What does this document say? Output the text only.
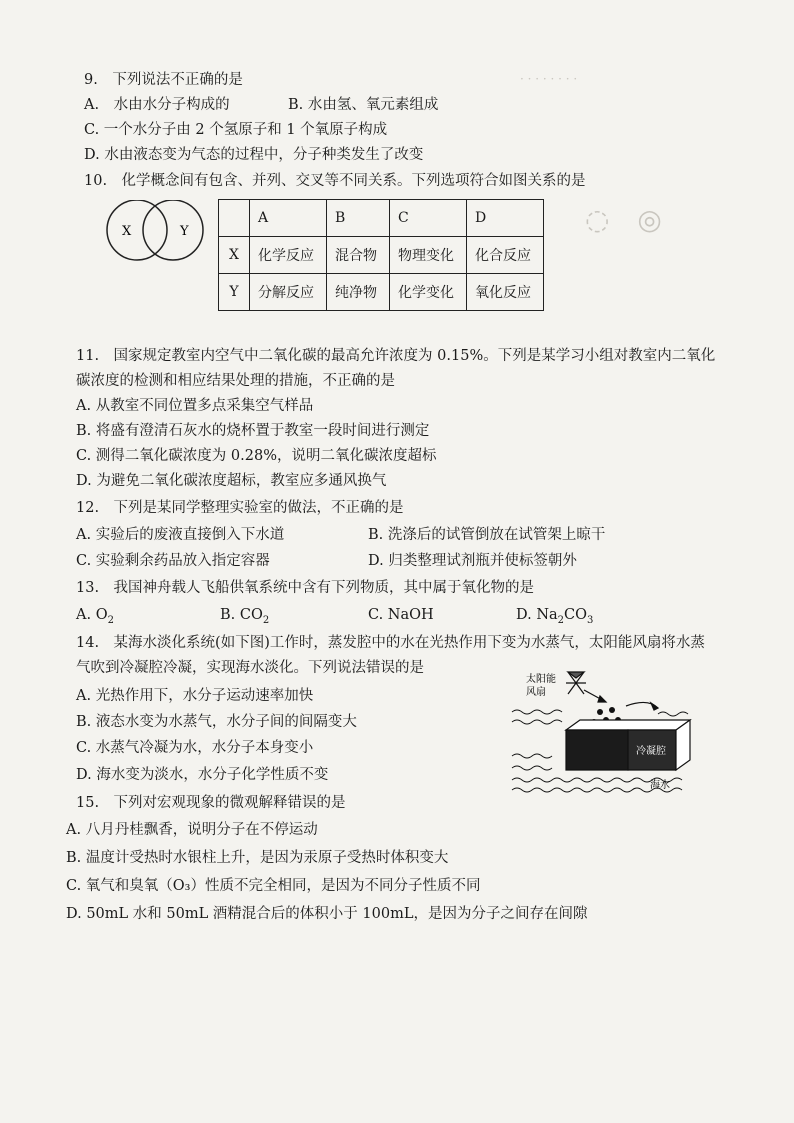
· · · · · · · ·
◌　◎
9.　下列说法不正确的是
A.　水由水分子构成的	B. 水由氢、氧元素组成
C. 一个水分子由 2 个氢原子和 1 个氧原子构成
D. 水由液态变为气态的过程中，分子种类发生了改变
10.　化学概念间有包含、并列、交叉等不同关系。下列选项符合如图关系的是
X	Y
	A	B	C	D
X	化学反应	混合物	物理变化	化合反应
Y	分解反应	纯净物	化学变化	氧化反应
11.　国家规定教室内空气中二氧化碳的最高允许浓度为 0.15%。下列是某学习小组对教室内二氧化
碳浓度的检测和相应结果处理的措施，不正确的是
A. 从教室不同位置多点采集空气样品
B. 将盛有澄清石灰水的烧杯置于教室一段时间进行测定
C. 测得二氧化碳浓度为 0.28%，说明二氧化碳浓度超标
D. 为避免二氧化碳浓度超标，教室应多通风换气
12.　下列是某同学整理实验室的做法，不正确的是
A. 实验后的废液直接倒入下水道	B. 洗涤后的试管倒放在试管架上晾干
C. 实验剩余药品放入指定容器	D. 归类整理试剂瓶并使标签朝外
13.　我国神舟载人飞船供氧系统中含有下列物质，其中属于氧化物的是
A. $O_2$	B. $CO_2$	C. NaOH	D. $Na_2CO_3$
14.　某海水淡化系统(如下图)工作时，蒸发腔中的水在光热作用下变为水蒸气，太阳能风扇将水蒸
气吹到冷凝腔冷凝，实现海水淡化。下列说法错误的是
A. 光热作用下，水分子运动速率加快
B. 液态水变为水蒸气，水分子间的间隔变大
C. 水蒸气冷凝为水，水分子本身变小
D. 海水变为淡水，水分子化学性质不变
太阳能
风扇
冷凝腔
海水
15.　下列对宏观现象的微观解释错误的是
A. 八月丹桂飘香，说明分子在不停运动
B. 温度计受热时水银柱上升，是因为汞原子受热时体积变大
C. 氧气和臭氧（O₃）性质不完全相同，是因为不同分子性质不同
D. 50mL 水和 50mL 酒精混合后的体积小于 100mL，是因为分子之间存在间隙
